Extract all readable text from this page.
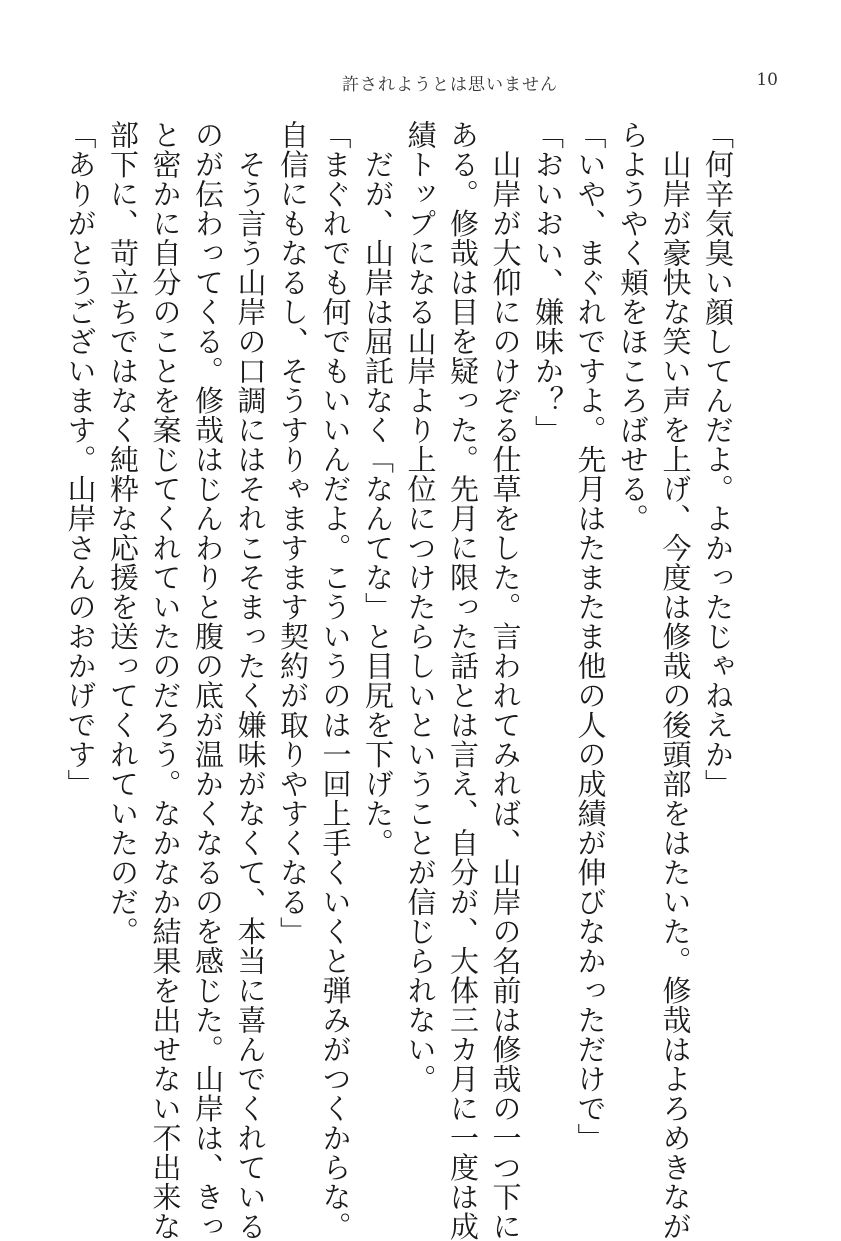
許されようとは思いません	10

「何辛気臭い顔してんだよ。よかったじゃねえか」

　山岸が豪快な笑い声を上げ、今度は修哉の後頭部をはたいた。修哉はよろめきなが

らようやく頬をほころばせる。

「いや、まぐれですよ。先月はたまたま他の人の成績が伸びなかっただけで」

「おいおい、嫌味か？」

　山岸が大仰にのけぞる仕草をした。言われてみれば、山岸の名前は修哉の一つ下に

ある。修哉は目を疑った。先月に限った話とは言え、自分が、大体三カ月に一度は成

績トップになる山岸より上位につけたらしいということが信じられない。

　だが、山岸は屈託なく「なんてな」と目尻を下げた。

「まぐれでも何でもいいんだよ。こういうのは一回上手くいくと弾みがつくからな。

自信にもなるし、そうすりゃますます契約が取りやすくなる」

　そう言う山岸の口調にはそれこそまったく嫌味がなくて、本当に喜んでくれている

のが伝わってくる。修哉はじんわりと腹の底が温かくなるのを感じた。山岸は、きっ

と密かに自分のことを案じてくれていたのだろう。なかなか結果を出せない不出来な

部下に、苛立ちではなく純粋な応援を送ってくれていたのだ。

「ありがとうございます。山岸さんのおかげです」
